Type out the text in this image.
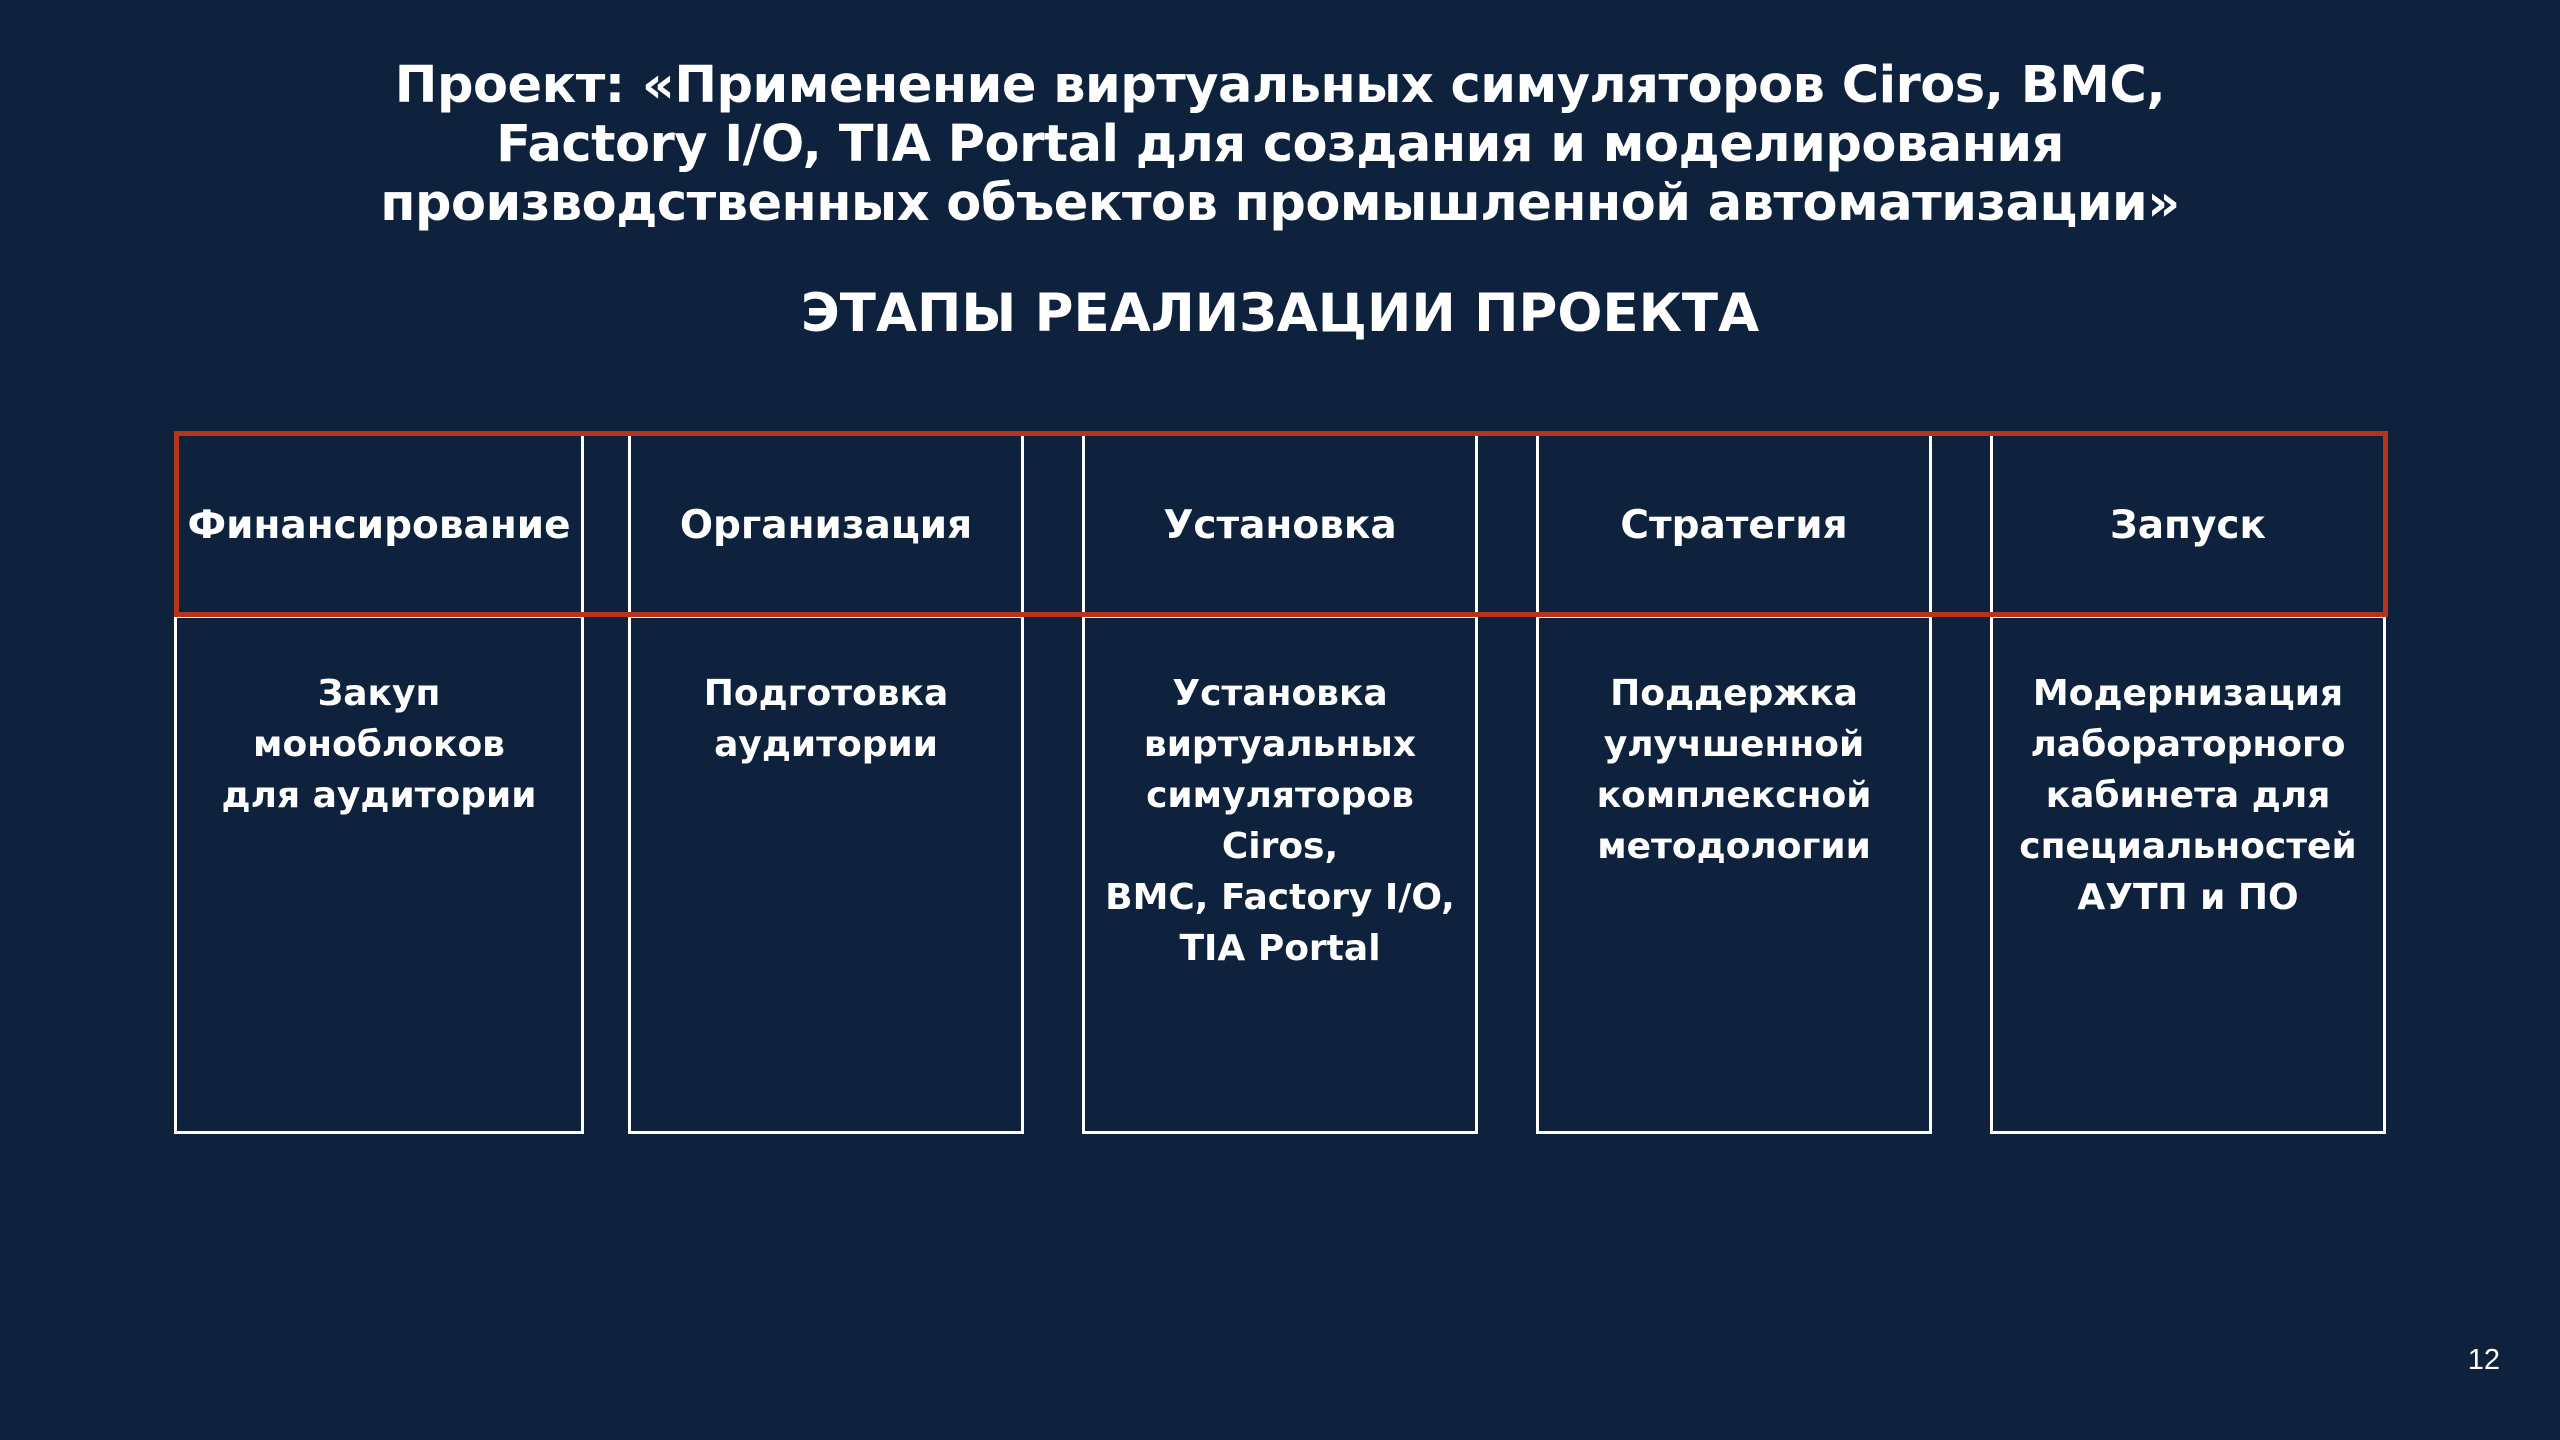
Проект: «Применение виртуальных симуляторов Ciros, BMC,
Factory I/O, TIA Portal для создания и моделирования
производственных объектов промышленной автоматизации»
ЭТАПЫ РЕАЛИЗАЦИИ ПРОЕКТА
Финансирование
Закуп моноблоков
для аудитории
Организация
Подготовка
аудитории
Установка
Установка
виртуальных
симуляторов Ciros,
BMC, Factory I/O,
TIA Portal
Стратегия
Поддержка
улучшенной
комплексной
методологии
Запуск
Модернизация
лабораторного
кабинета для
специальностей
АУТП и ПО
12
